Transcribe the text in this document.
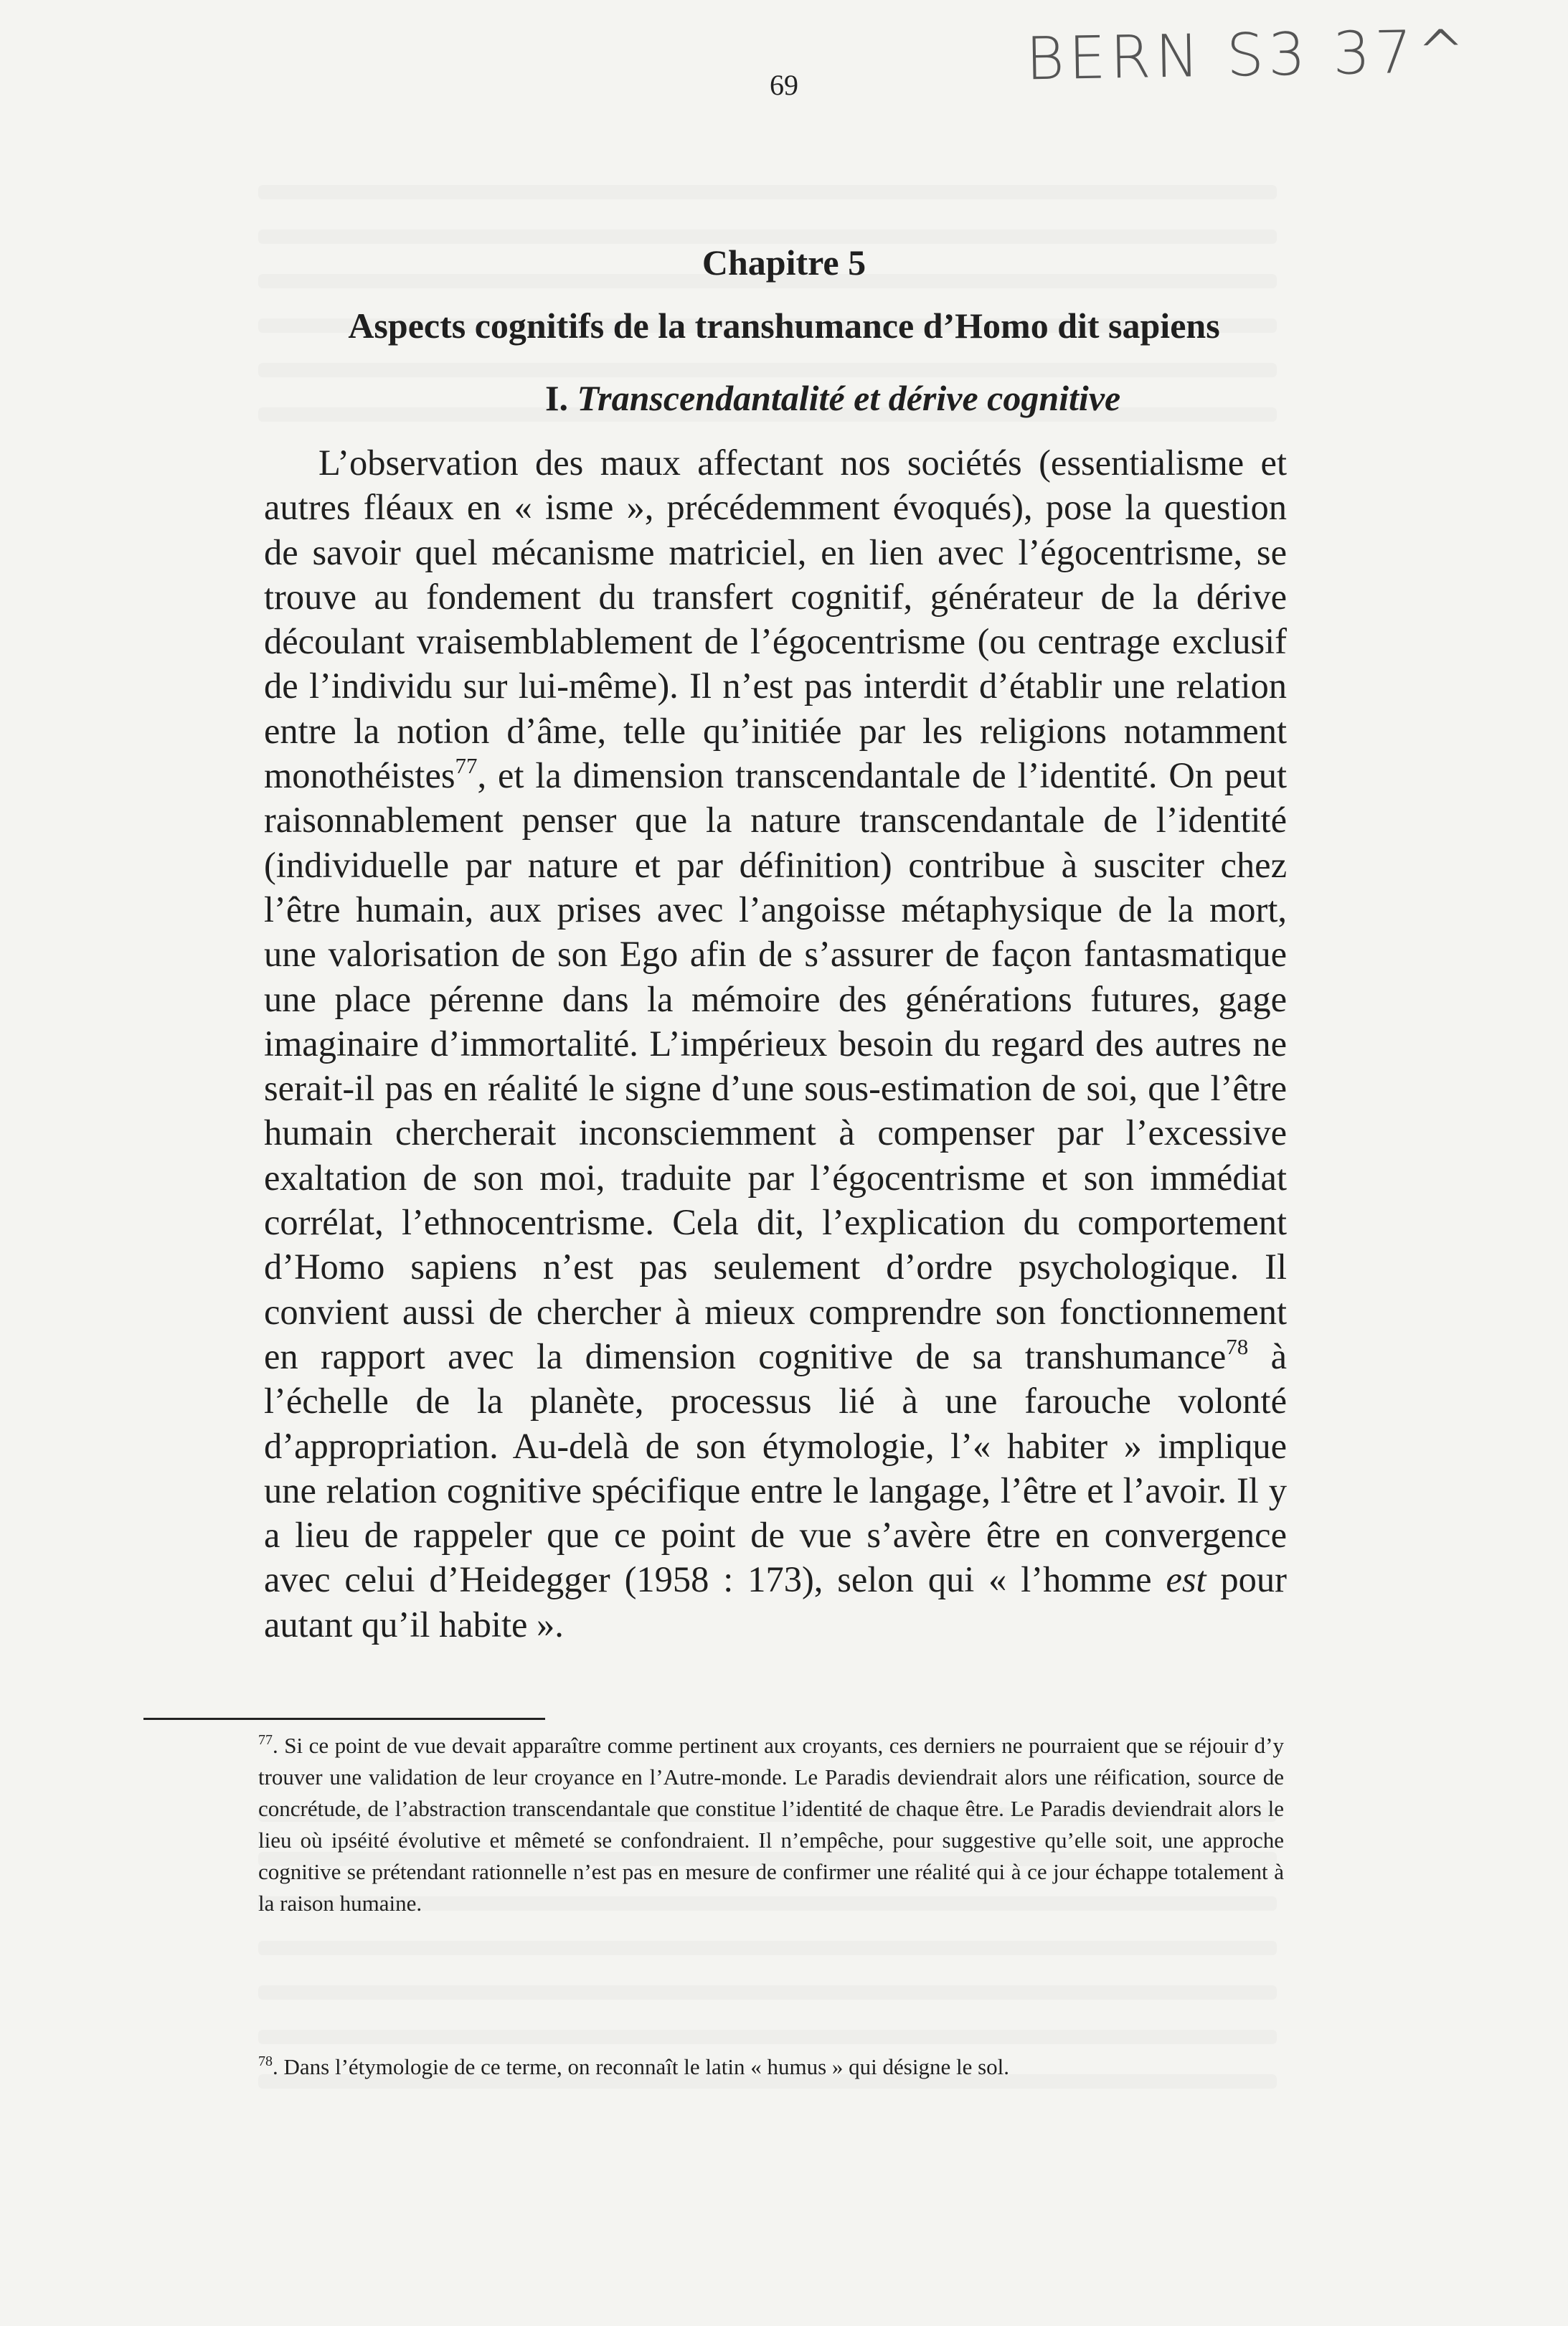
BERN S3 37^
69
Chapitre 5
Aspects cognitifs de la transhumance d’Homo dit sapiens
I. Transcendantalité et dérive cognitive

L’observation des maux affectant nos sociétés (essentialisme et autres fléaux en « isme », précédemment évoqués), pose la question de savoir quel mécanisme matriciel, en lien avec l’égocentrisme, se trouve au fondement du transfert cognitif, générateur de la dérive découlant vraisemblablement de l’égocentrisme (ou centrage exclusif de l’individu sur lui-même). Il n’est pas interdit d’établir une relation entre la notion d’âme, telle qu’initiée par les religions notamment monothéistes$^{77}$, et la dimension transcendantale de l’identité. On peut raisonnablement penser que la nature transcendantale de l’identité (individuelle par nature et par définition) contribue à susciter chez l’être humain, aux prises avec l’angoisse métaphysique de la mort, une valorisation de son Ego afin de s’assurer de façon fantasmatique une place pérenne dans la mémoire des générations futures, gage imaginaire d’immortalité. L’impérieux besoin du regard des autres ne serait-il pas en réalité le signe d’une sous-estimation de soi, que l’être humain chercherait inconsciemment à compenser par l’excessive exaltation de son moi, traduite par l’égocentrisme et son immédiat corrélat, l’ethnocentrisme. Cela dit, l’explication du comportement d’Homo sapiens n’est pas seulement d’ordre psychologique. Il convient aussi de chercher à mieux comprendre son fonctionnement en rapport avec la dimension cognitive de sa transhumance$^{78}$ à l’échelle de la planète, processus lié à une farouche volonté d’appropriation. Au-delà de son étymologie, l’« habiter » implique une relation cognitive spécifique entre le langage, l’être et l’avoir. Il y a lieu de rappeler que ce point de vue s’avère être en convergence avec celui d’Heidegger (1958 : 173), selon qui « l’homme est pour autant qu’il habite ».

$^{77}$. Si ce point de vue devait apparaître comme pertinent aux croyants, ces derniers ne pourraient que se réjouir d’y trouver une validation de leur croyance en l’Autre-monde. Le Paradis deviendrait alors une réification, source de concrétude, de l’abstraction transcendantale que constitue l’identité de chaque être. Le Paradis deviendrait alors le lieu où ipséité évolutive et mêmeté se confondraient. Il n’empêche, pour suggestive qu’elle soit, une approche cognitive se prétendant rationnelle n’est pas en mesure de confirmer une réalité qui à ce jour échappe totalement à la raison humaine.

$^{78}$. Dans l’étymologie de ce terme, on reconnaît le latin « humus » qui désigne le sol.
